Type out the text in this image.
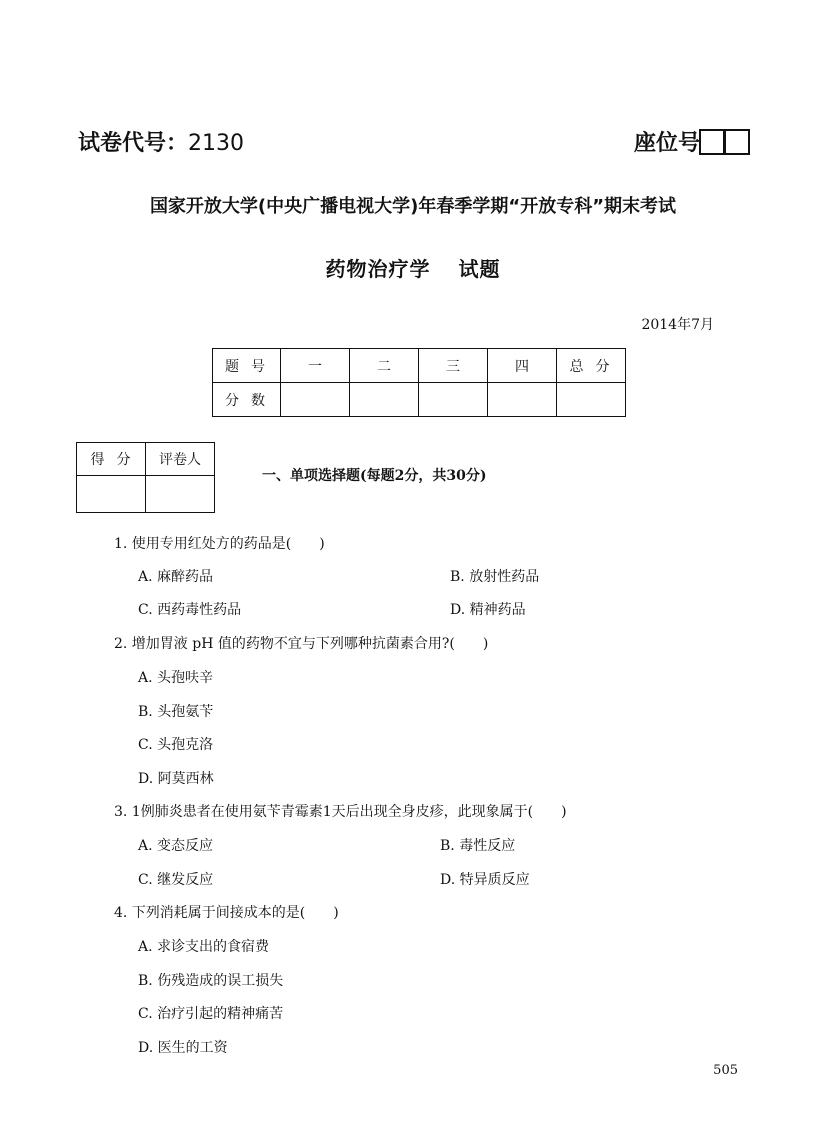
试卷代号：2130	座位号
国家开放大学(中央广播电视大学)年春季学期“开放专科”期末考试
药物治疗学 试题
2014年7月
题号	一	二	三	四	总分
分数					
得分	评卷人

一、单项选择题(每题2分，共30分)
1. 使用专用红处方的药品是(　　)
A. 麻醉药品	B. 放射性药品
C. 西药毒性药品	D. 精神药品
2. 增加胃液 pH 值的药物不宜与下列哪种抗菌素合用?(　　)
A. 头孢呋辛
B. 头孢氨苄
C. 头孢克洛
D. 阿莫西林
3. 1例肺炎患者在使用氨苄青霉素1天后出现全身皮疹，此现象属于(　　)
A. 变态反应	B. 毒性反应
C. 继发反应	D. 特异质反应
4. 下列消耗属于间接成本的是(　　)
A. 求诊支出的食宿费
B. 伤残造成的误工损失
C. 治疗引起的精神痛苦
D. 医生的工资
505
